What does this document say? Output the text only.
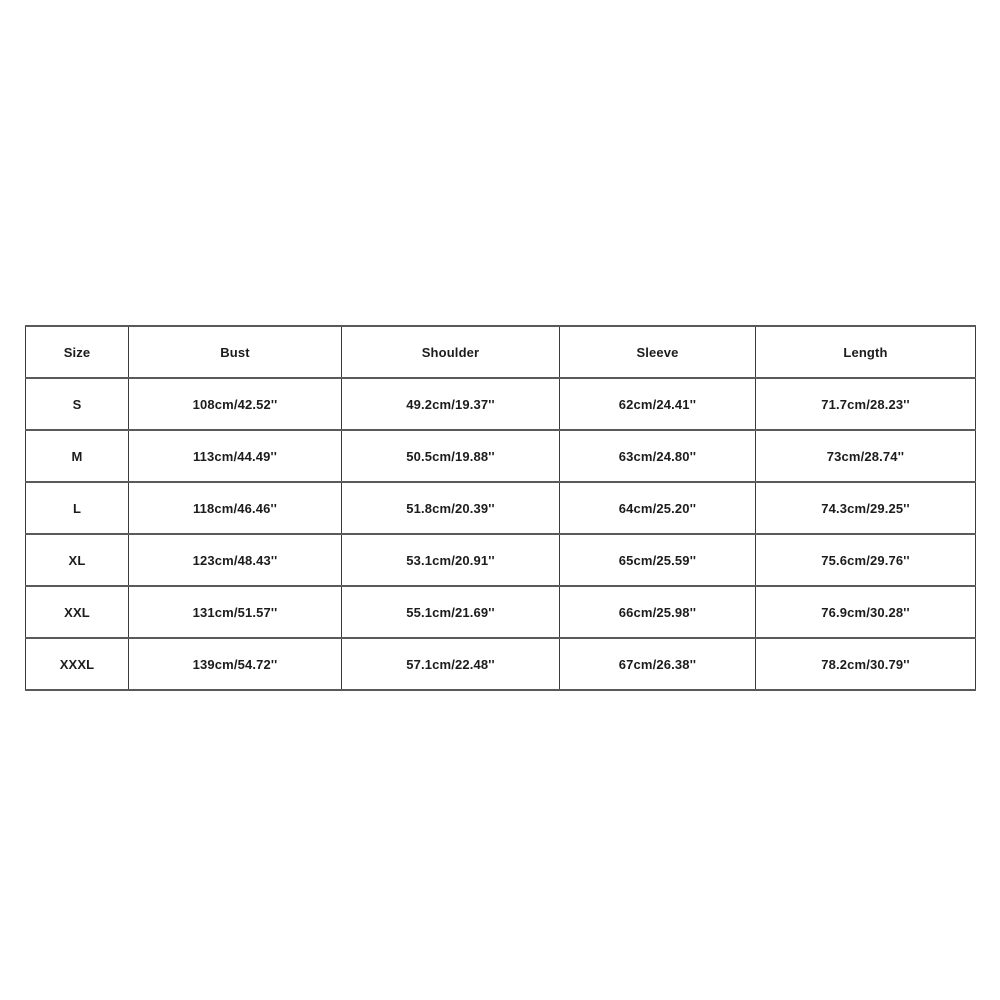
Size	Bust	Shoulder	Sleeve	Length
S	108cm/42.52''	49.2cm/19.37''	62cm/24.41''	71.7cm/28.23''
M	113cm/44.49''	50.5cm/19.88''	63cm/24.80''	73cm/28.74''
L	118cm/46.46''	51.8cm/20.39''	64cm/25.20''	74.3cm/29.25''
XL	123cm/48.43''	53.1cm/20.91''	65cm/25.59''	75.6cm/29.76''
XXL	131cm/51.57''	55.1cm/21.69''	66cm/25.98''	76.9cm/30.28''
XXXL	139cm/54.72''	57.1cm/22.48''	67cm/26.38''	78.2cm/30.79''
